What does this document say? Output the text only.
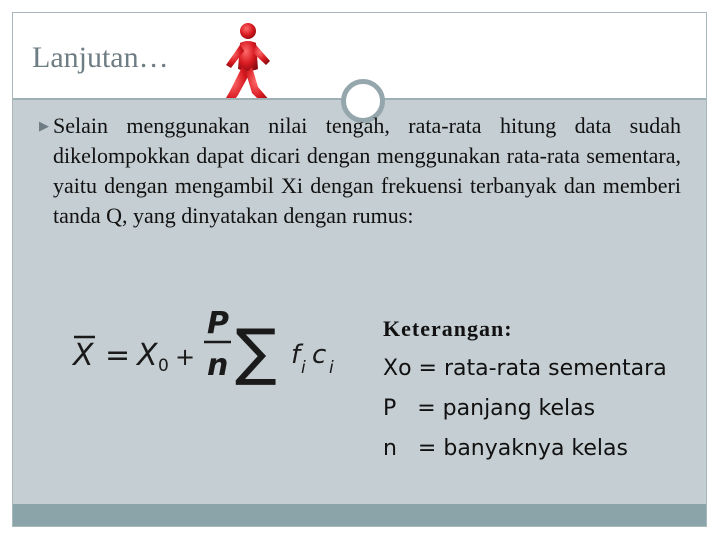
Lanjutan…
▶ Selain menggunakan nilai tengah, rata-rata hitung data sudah dikelompokkan dapat dicari dengan menggunakan rata-rata sementara, yaitu dengan mengambil Xi dengan frekuensi terbanyak dan memberi tanda Q, yang dinyatakan dengan rumus:
X = X 0 +
P
n ∑ f i c i
Keterangan:
Xo = rata-rata sementara
P   = panjang kelas
n   = banyaknya kelas
